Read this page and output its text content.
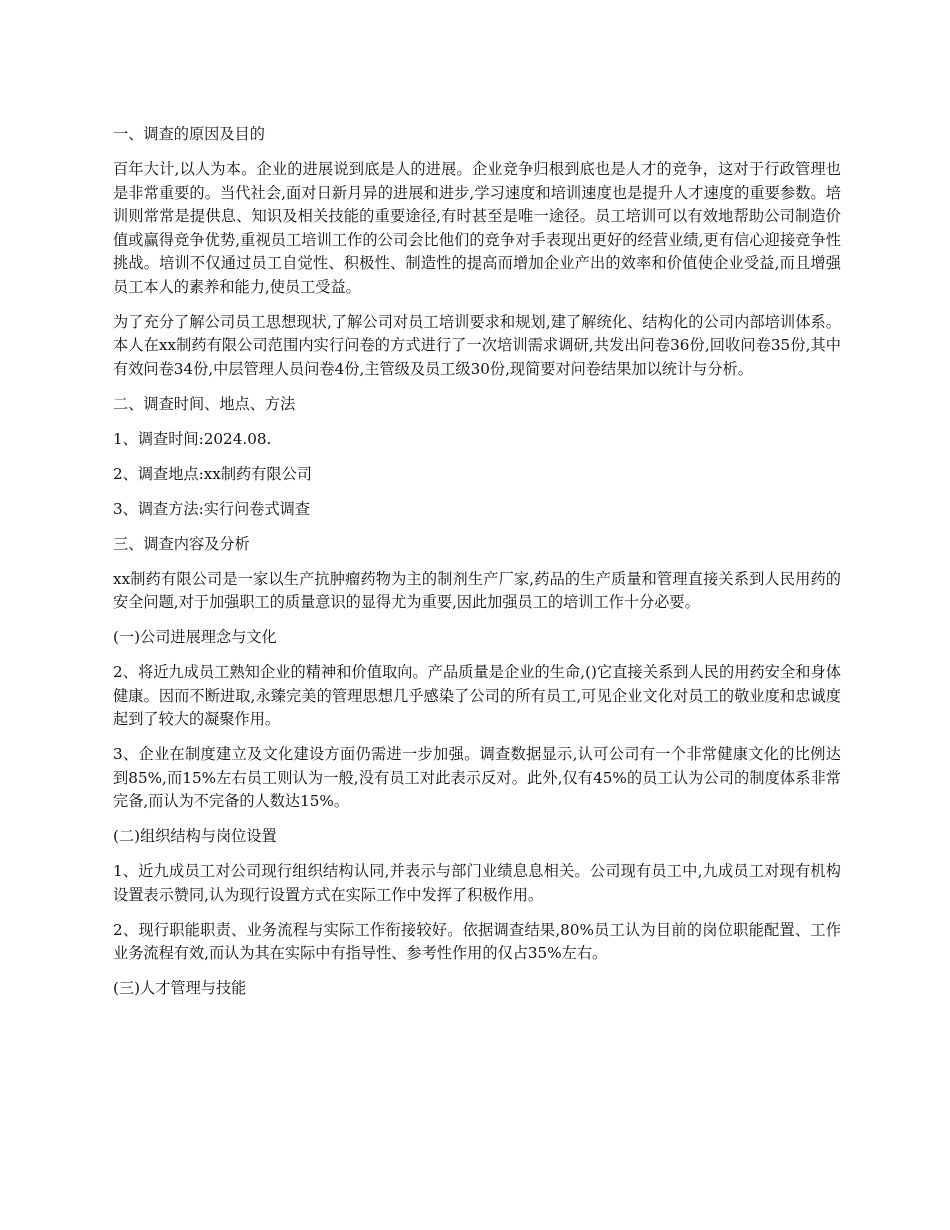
一、调查的原因及目的

百年大计,以人为本。企业的进展说到底是人的进展。企业竞争归根到底也是人才的竞争，这对于行政管理也是非常重要的。当代社会,面对日新月异的进展和进步,学习速度和培训速度也是提升人才速度的重要参数。培训则常常是提供息、知识及相关技能的重要途径,有时甚至是唯一途径。员工培训可以有效地帮助公司制造价值或赢得竞争优势,重视员工培训工作的公司会比他们的竞争对手表现出更好的经营业绩,更有信心迎接竞争性挑战。培训不仅通过员工自觉性、积极性、制造性的提高而增加企业产出的效率和价值使企业受益,而且增强员工本人的素养和能力,使员工受益。

为了充分了解公司员工思想现状,了解公司对员工培训要求和规划,建了解统化、结构化的公司内部培训体系。本人在xx制药有限公司范围内实行问卷的方式进行了一次培训需求调研,共发出问卷36份,回收问卷35份,其中有效问卷34份,中层管理人员问卷4份,主管级及员工级30份,现简要对问卷结果加以统计与分析。

二、调查时间、地点、方法

1、调查时间:2024.08.

2、调查地点:xx制药有限公司

3、调查方法:实行问卷式调查

三、调查内容及分析

xx制药有限公司是一家以生产抗肿瘤药物为主的制剂生产厂家,药品的生产质量和管理直接关系到人民用药的安全问题,对于加强职工的质量意识的显得尤为重要,因此加强员工的培训工作十分必要。

(一)公司进展理念与文化

2、将近九成员工熟知企业的精神和价值取向。产品质量是企业的生命,()它直接关系到人民的用药安全和身体健康。因而不断进取,永臻完美的管理思想几乎感染了公司的所有员工,可见企业文化对员工的敬业度和忠诚度起到了较大的凝聚作用。

3、企业在制度建立及文化建设方面仍需进一步加强。调查数据显示,认可公司有一个非常健康文化的比例达到85%,而15%左右员工则认为一般,没有员工对此表示反对。此外,仅有45%的员工认为公司的制度体系非常完备,而认为不完备的人数达15%。

(二)组织结构与岗位设置

1、近九成员工对公司现行组织结构认同,并表示与部门业绩息息相关。公司现有员工中,九成员工对现有机构设置表示赞同,认为现行设置方式在实际工作中发挥了积极作用。

2、现行职能职责、业务流程与实际工作衔接较好。依据调查结果,80%员工认为目前的岗位职能配置、工作业务流程有效,而认为其在实际中有指导性、参考性作用的仅占35%左右。

(三)人才管理与技能
